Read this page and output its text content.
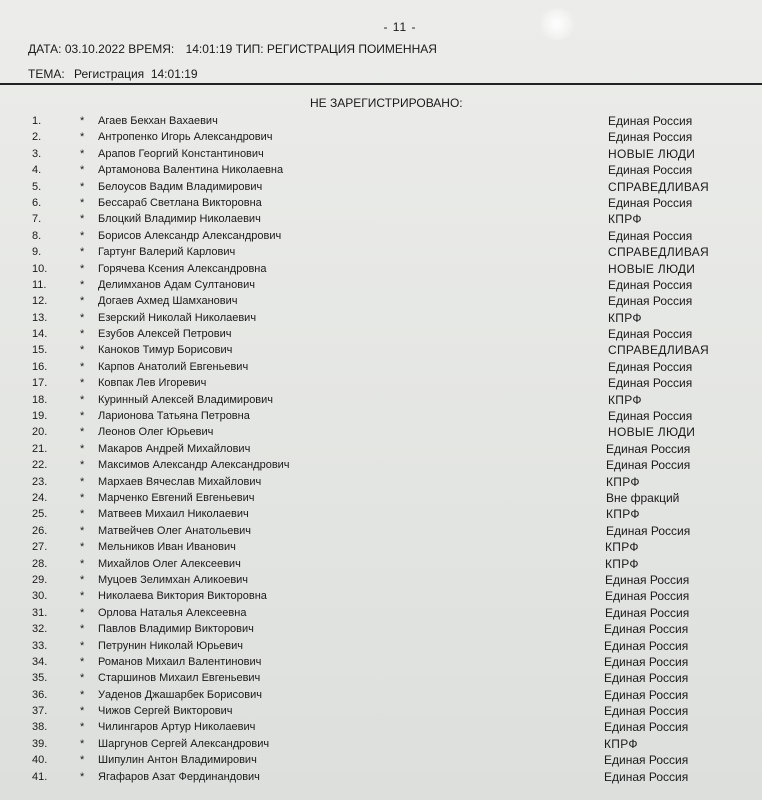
- 11 -
ДАТА: 03.10.2022 ВРЕМЯ: 14:01:19 ТИП: РЕГИСТРАЦИЯ ПОИМЕННАЯ
ТЕМА: Регистрация  14:01:19
НЕ ЗАРЕГИСТРИРОВАНО:
1.	* Агаев Бекхан Вахаевич	Единая Россия
2.	* Антропенко Игорь Александрович	Единая Россия
3.	* Арапов Георгий Константинович	НОВЫЕ ЛЮДИ
4.	* Артамонова Валентина Николаевна	Единая Россия
5.	* Белоусов Вадим Владимирович	СПРАВЕДЛИВАЯ
6.	* Бессараб Светлана Викторовна	Единая Россия
7.	* Блоцкий Владимир Николаевич	КПРФ
8.	* Борисов Александр Александрович	Единая Россия
9.	* Гартунг Валерий Карлович	СПРАВЕДЛИВАЯ
10.	* Горячева Ксения Александровна	НОВЫЕ ЛЮДИ
11.	* Делимханов Адам Султанович	Единая Россия
12.	* Догаев Ахмед Шамханович	Единая Россия
13.	* Езерский Николай Николаевич	КПРФ
14.	* Езубов Алексей Петрович	Единая Россия
15.	* Каноков Тимур Борисович	СПРАВЕДЛИВАЯ
16.	* Карпов Анатолий Евгеньевич	Единая Россия
17.	* Ковпак Лев Игоревич	Единая Россия
18.	* Куринный Алексей Владимирович	КПРФ
19.	* Ларионова Татьяна Петровна	Единая Россия
20.	* Леонов Олег Юрьевич	НОВЫЕ ЛЮДИ
21.	* Макаров Андрей Михайлович	Единая Россия
22.	* Максимов Александр Александрович	Единая Россия
23.	* Мархаев Вячеслав Михайлович	КПРФ
24.	* Марченко Евгений Евгеньевич	Вне фракций
25.	* Матвеев Михаил Николаевич	КПРФ
26.	* Матвейчев Олег Анатольевич	Единая Россия
27.	* Мельников Иван Иванович	КПРФ
28.	* Михайлов Олег Алексеевич	КПРФ
29.	* Муцоев Зелимхан Аликоевич	Единая Россия
30.	* Николаева Виктория Викторовна	Единая Россия
31.	* Орлова Наталья Алексеевна	Единая Россия
32.	* Павлов Владимир Викторович	Единая Россия
33.	* Петрунин Николай Юрьевич	Единая Россия
34.	* Романов Михаил Валентинович	Единая Россия
35.	* Старшинов Михаил Евгеньевич	Единая Россия
36.	* Уаденов Джашарбек Борисович	Единая Россия
37.	* Чижов Сергей Викторович	Единая Россия
38.	* Чилингаров Артур Николаевич	Единая Россия
39.	* Шаргунов Сергей Александрович	КПРФ
40.	* Шипулин Антон Владимирович	Единая Россия
41.	* Ягафаров Азат Фердинандович	Единая Россия
